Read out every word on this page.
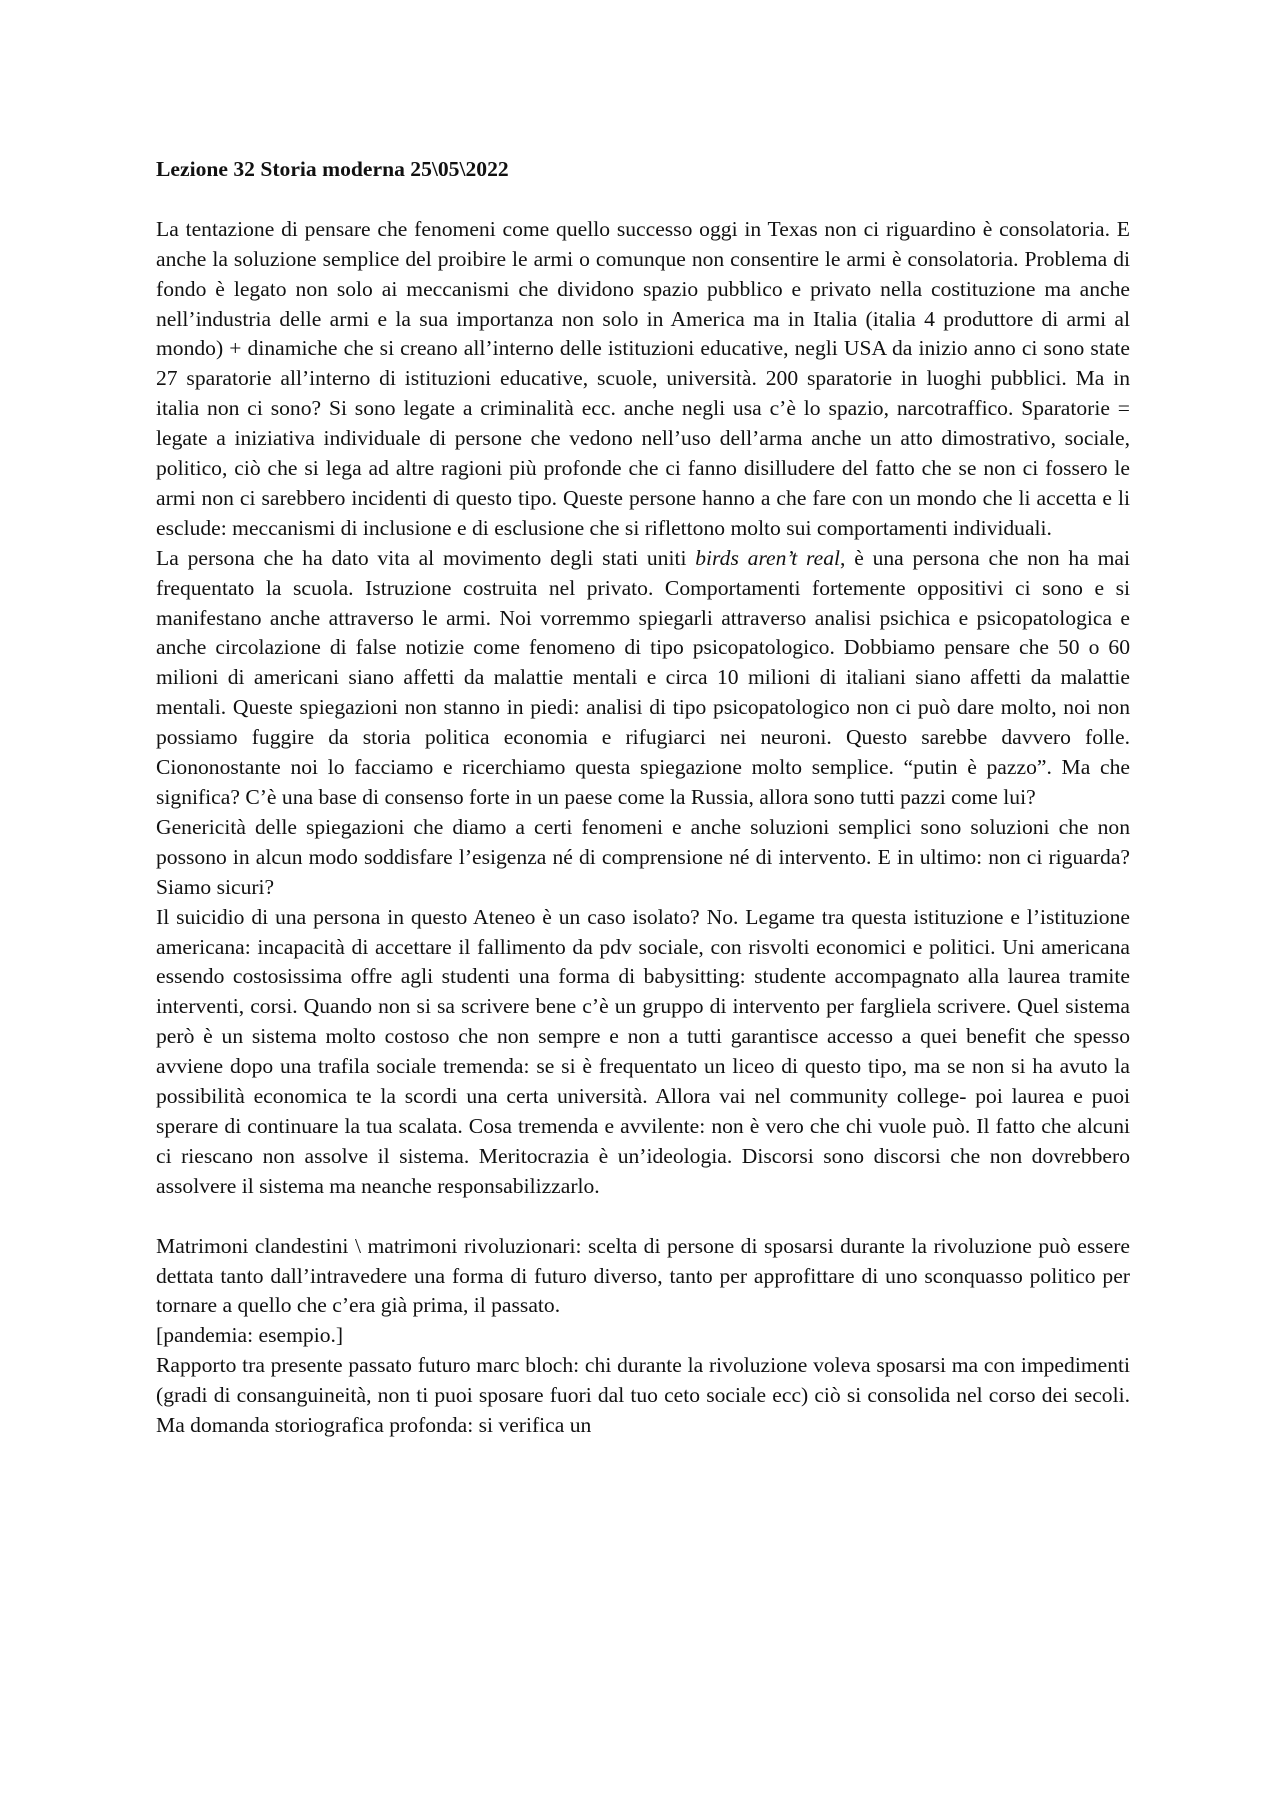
Lezione 32 Storia moderna 25\05\2022

La tentazione di pensare che fenomeni come quello successo oggi in Texas non ci riguardino è consolatoria. E anche la soluzione semplice del proibire le armi o comunque non consentire le armi è consolatoria. Problema di fondo è legato non solo ai meccanismi che dividono spazio pubblico e privato nella costituzione ma anche nell’industria delle armi e la sua importanza non solo in America ma in Italia (italia 4 produttore di armi al mondo) + dinamiche che si creano all’interno delle istituzioni educative, negli USA da inizio anno ci sono state 27 sparatorie all’interno di istituzioni educative, scuole, università. 200 sparatorie in luoghi pubblici. Ma in italia non ci sono? Si sono legate a criminalità ecc. anche negli usa c’è lo spazio, narcotraffico. Sparatorie = legate a iniziativa individuale di persone che vedono nell’uso dell’arma anche un atto dimostrativo, sociale, politico, ciò che si lega ad altre ragioni più profonde che ci fanno disilludere del fatto che se non ci fossero le armi non ci sarebbero incidenti di questo tipo. Queste persone hanno a che fare con un mondo che li accetta e li esclude: meccanismi di inclusione e di esclusione che si riflettono molto sui comportamenti individuali.

La persona che ha dato vita al movimento degli stati uniti birds aren’t real, è una persona che non ha mai frequentato la scuola. Istruzione costruita nel privato. Comportamenti fortemente oppositivi ci sono e si manifestano anche attraverso le armi. Noi vorremmo spiegarli attraverso analisi psichica e psicopatologica e anche circolazione di false notizie come fenomeno di tipo psicopatologico. Dobbiamo pensare che 50 o 60 milioni di americani siano affetti da malattie mentali e circa 10 milioni di italiani siano affetti da malattie mentali. Queste spiegazioni non stanno in piedi: analisi di tipo psicopatologico non ci può dare molto, noi non possiamo fuggire da storia politica economia e rifugiarci nei neuroni. Questo sarebbe davvero folle. Ciononostante noi lo facciamo e ricerchiamo questa spiegazione molto semplice. “putin è pazzo”. Ma che significa? C’è una base di consenso forte in un paese come la Russia, allora sono tutti pazzi come lui?

Genericità delle spiegazioni che diamo a certi fenomeni e anche soluzioni semplici sono soluzioni che non possono in alcun modo soddisfare l’esigenza né di comprensione né di intervento. E in ultimo: non ci riguarda? Siamo sicuri?

Il suicidio di una persona in questo Ateneo è un caso isolato? No. Legame tra questa istituzione e l’istituzione americana: incapacità di accettare il fallimento da pdv sociale, con risvolti economici e politici. Uni americana essendo costosissima offre agli studenti una forma di babysitting: studente accompagnato alla laurea tramite interventi, corsi. Quando non si sa scrivere bene c’è un gruppo di intervento per fargliela scrivere. Quel sistema però è un sistema molto costoso che non sempre e non a tutti garantisce accesso a quei benefit che spesso avviene dopo una trafila sociale tremenda: se si è frequentato un liceo di questo tipo, ma se non si ha avuto la possibilità economica te la scordi una certa università. Allora vai nel community college- poi laurea e puoi sperare di continuare la tua scalata. Cosa tremenda e avvilente: non è vero che chi vuole può. Il fatto che alcuni ci riescano non assolve il sistema. Meritocrazia è un’ideologia. Discorsi sono discorsi che non dovrebbero assolvere il sistema ma neanche responsabilizzarlo.

Matrimoni clandestini \ matrimoni rivoluzionari: scelta di persone di sposarsi durante la rivoluzione può essere dettata tanto dall’intravedere una forma di futuro diverso, tanto per approfittare di uno sconquasso politico per tornare a quello che c’era già prima, il passato.

[pandemia: esempio.]

Rapporto tra presente passato futuro marc bloch: chi durante la rivoluzione voleva sposarsi ma con impedimenti (gradi di consanguineità, non ti puoi sposare fuori dal tuo ceto sociale ecc) ciò si consolida nel corso dei secoli. Ma domanda storiografica profonda: si verifica un
